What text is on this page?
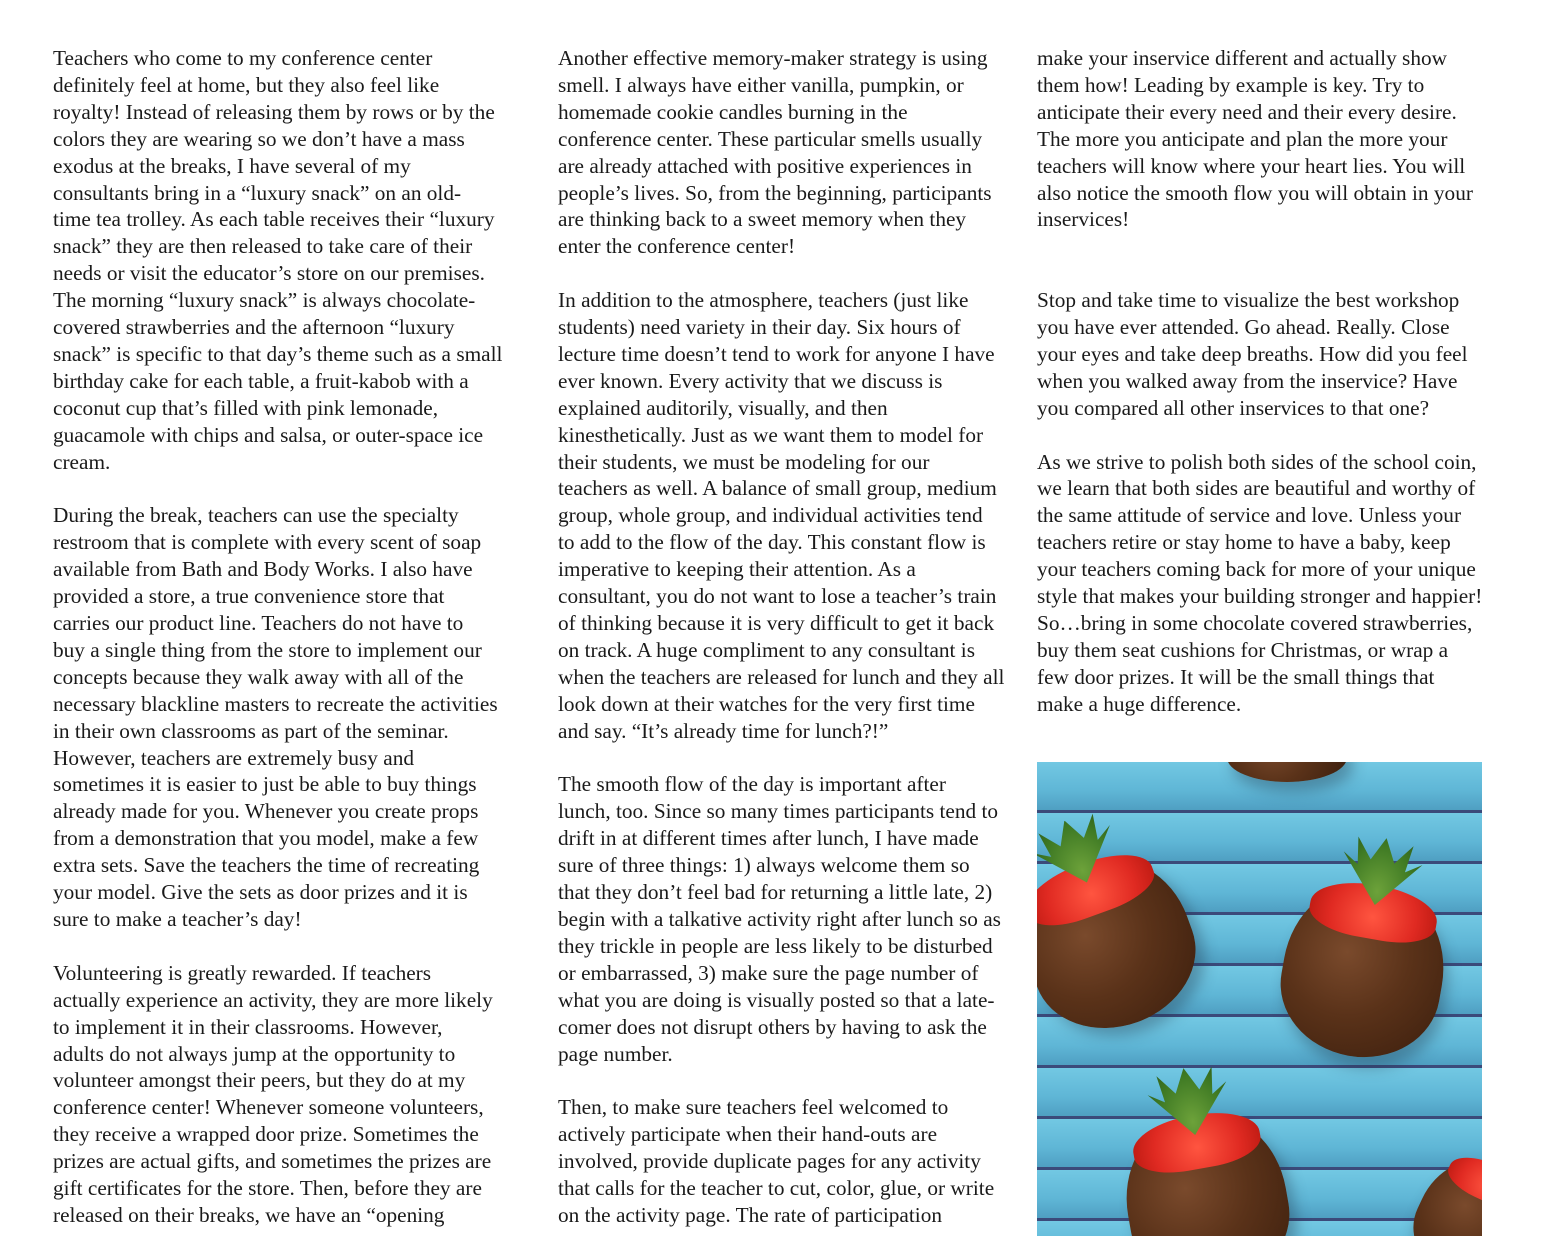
Teachers who come to my conference center
definitely feel at home, but they also feel like
royalty! Instead of releasing them by rows or by the
colors they are wearing so we don’t have a mass
exodus at the breaks, I have several of my
consultants bring in a “luxury snack” on an old-
time tea trolley. As each table receives their “luxury
snack” they are then released to take care of their
needs or visit the educator’s store on our premises.
The morning “luxury snack” is always chocolate-
covered strawberries and the afternoon “luxury
snack” is specific to that day’s theme such as a small
birthday cake for each table, a fruit-kabob with a
coconut cup that’s filled with pink lemonade,
guacamole with chips and salsa, or outer-space ice
cream.

During the break, teachers can use the specialty
restroom that is complete with every scent of soap
available from Bath and Body Works. I also have
provided a store, a true convenience store that
carries our product line. Teachers do not have to
buy a single thing from the store to implement our
concepts because they walk away with all of the
necessary blackline masters to recreate the activities
in their own classrooms as part of the seminar.
However, teachers are extremely busy and
sometimes it is easier to just be able to buy things
already made for you. Whenever you create props
from a demonstration that you model, make a few
extra sets. Save the teachers the time of recreating
your model. Give the sets as door prizes and it is
sure to make a teacher’s day!

Volunteering is greatly rewarded. If teachers
actually experience an activity, they are more likely
to implement it in their classrooms. However,
adults do not always jump at the opportunity to
volunteer amongst their peers, but they do at my
conference center! Whenever someone volunteers,
they receive a wrapped door prize. Sometimes the
prizes are actual gifts, and sometimes the prizes are
gift certificates for the store. Then, before they are
released on their breaks, we have an “opening

Another effective memory-maker strategy is using
smell. I always have either vanilla, pumpkin, or
homemade cookie candles burning in the
conference center. These particular smells usually
are already attached with positive experiences in
people’s lives. So, from the beginning, participants
are thinking back to a sweet memory when they
enter the conference center!

In addition to the atmosphere, teachers (just like
students) need variety in their day. Six hours of
lecture time doesn’t tend to work for anyone I have
ever known. Every activity that we discuss is
explained auditorily, visually, and then
kinesthetically. Just as we want them to model for
their students, we must be modeling for our
teachers as well. A balance of small group, medium
group, whole group, and individual activities tend
to add to the flow of the day. This constant flow is
imperative to keeping their attention. As a
consultant, you do not want to lose a teacher’s train
of thinking because it is very difficult to get it back
on track. A huge compliment to any consultant is
when the teachers are released for lunch and they all
look down at their watches for the very first time
and say. “It’s already time for lunch?!”

The smooth flow of the day is important after
lunch, too. Since so many times participants tend to
drift in at different times after lunch, I have made
sure of three things: 1) always welcome them so
that they don’t feel bad for returning a little late, 2)
begin with a talkative activity right after lunch so as
they trickle in people are less likely to be disturbed
or embarrassed, 3) make sure the page number of
what you are doing is visually posted so that a late-
comer does not disrupt others by having to ask the
page number.

Then, to make sure teachers feel welcomed to
actively participate when their hand-outs are
involved, provide duplicate pages for any activity
that calls for the teacher to cut, color, glue, or write
on the activity page. The rate of participation

make your inservice different and actually show
them how! Leading by example is key. Try to
anticipate their every need and their every desire.
The more you anticipate and plan the more your
teachers will know where your heart lies. You will
also notice the smooth flow you will obtain in your
inservices!

Stop and take time to visualize the best workshop
you have ever attended. Go ahead. Really. Close
your eyes and take deep breaths. How did you feel
when you walked away from the inservice? Have
you compared all other inservices to that one?

As we strive to polish both sides of the school coin,
we learn that both sides are beautiful and worthy of
the same attitude of service and love. Unless your
teachers retire or stay home to have a baby, keep
your teachers coming back for more of your unique
style that makes your building stronger and happier!
So…bring in some chocolate covered strawberries,
buy them seat cushions for Christmas, or wrap a
few door prizes. It will be the small things that
make a huge difference.
